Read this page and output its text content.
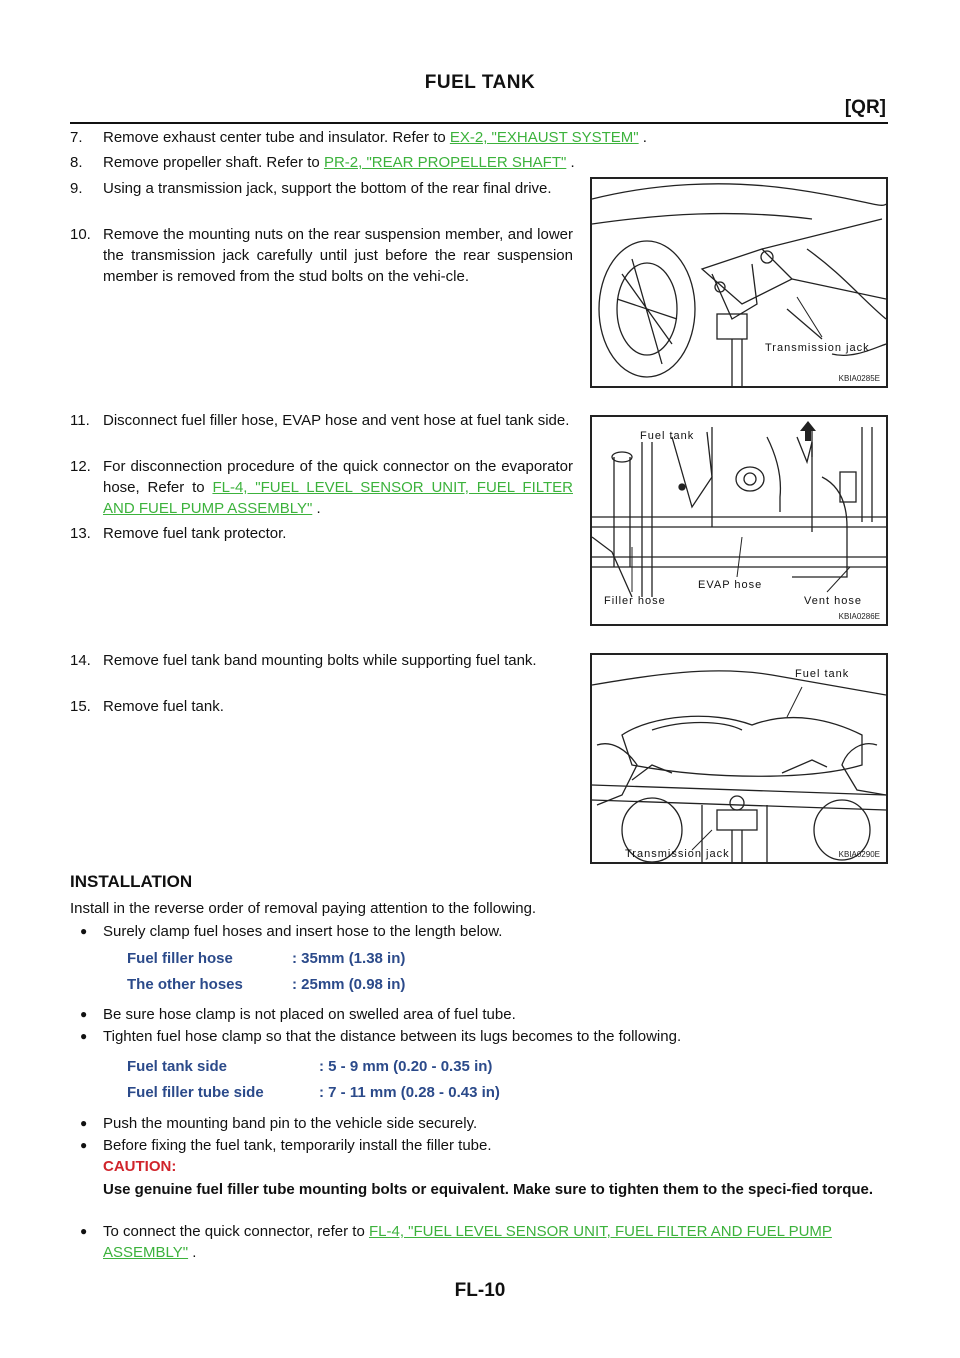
FUEL TANK
[QR]
7. Remove exhaust center tube and insulator. Refer to EX-2, "EXHAUST SYSTEM" .
8. Remove propeller shaft. Refer to PR-2, "REAR PROPELLER SHAFT" .
9. Using a transmission jack, support the bottom of the rear final drive.
10. Remove the mounting nuts on the rear suspension member, and lower the transmission jack carefully until just before the rear suspension member is removed from the stud bolts on the vehi-cle.
11. Disconnect fuel filler hose, EVAP hose and vent hose at fuel tank side.
12. For disconnection procedure of the quick connector on the evaporator hose, Refer to FL-4, "FUEL LEVEL SENSOR UNIT, FUEL FILTER AND FUEL PUMP ASSEMBLY" .
13. Remove fuel tank protector.
14. Remove fuel tank band mounting bolts while supporting fuel tank.
15. Remove fuel tank.
Transmission jack
KBIA0285E
Fuel tank
Filler hose
EVAP hose
Vent hose
KBIA0286E
Fuel tank
Transmission jack	KBIA0290E
INSTALLATION
Install in the reverse order of removal paying attention to the following.
● Surely clamp fuel hoses and insert hose to the length below.
Fuel filler hose	: 35mm (1.38 in)
The other hoses	: 25mm (0.98 in)
● Be sure hose clamp is not placed on swelled area of fuel tube.
● Tighten fuel hose clamp so that the distance between its lugs becomes to the following.
Fuel tank side	: 5 - 9 mm (0.20 - 0.35 in)
Fuel filler tube side	: 7 - 11 mm (0.28 - 0.43 in)
● Push the mounting band pin to the vehicle side securely.
● Before fixing the fuel tank, temporarily install the filler tube.
CAUTION:
Use genuine fuel filler tube mounting bolts or equivalent. Make sure to tighten them to the speci-fied torque.
● To connect the quick connector, refer to FL-4, "FUEL LEVEL SENSOR UNIT, FUEL FILTER AND FUEL PUMP ASSEMBLY" .
FL-10
